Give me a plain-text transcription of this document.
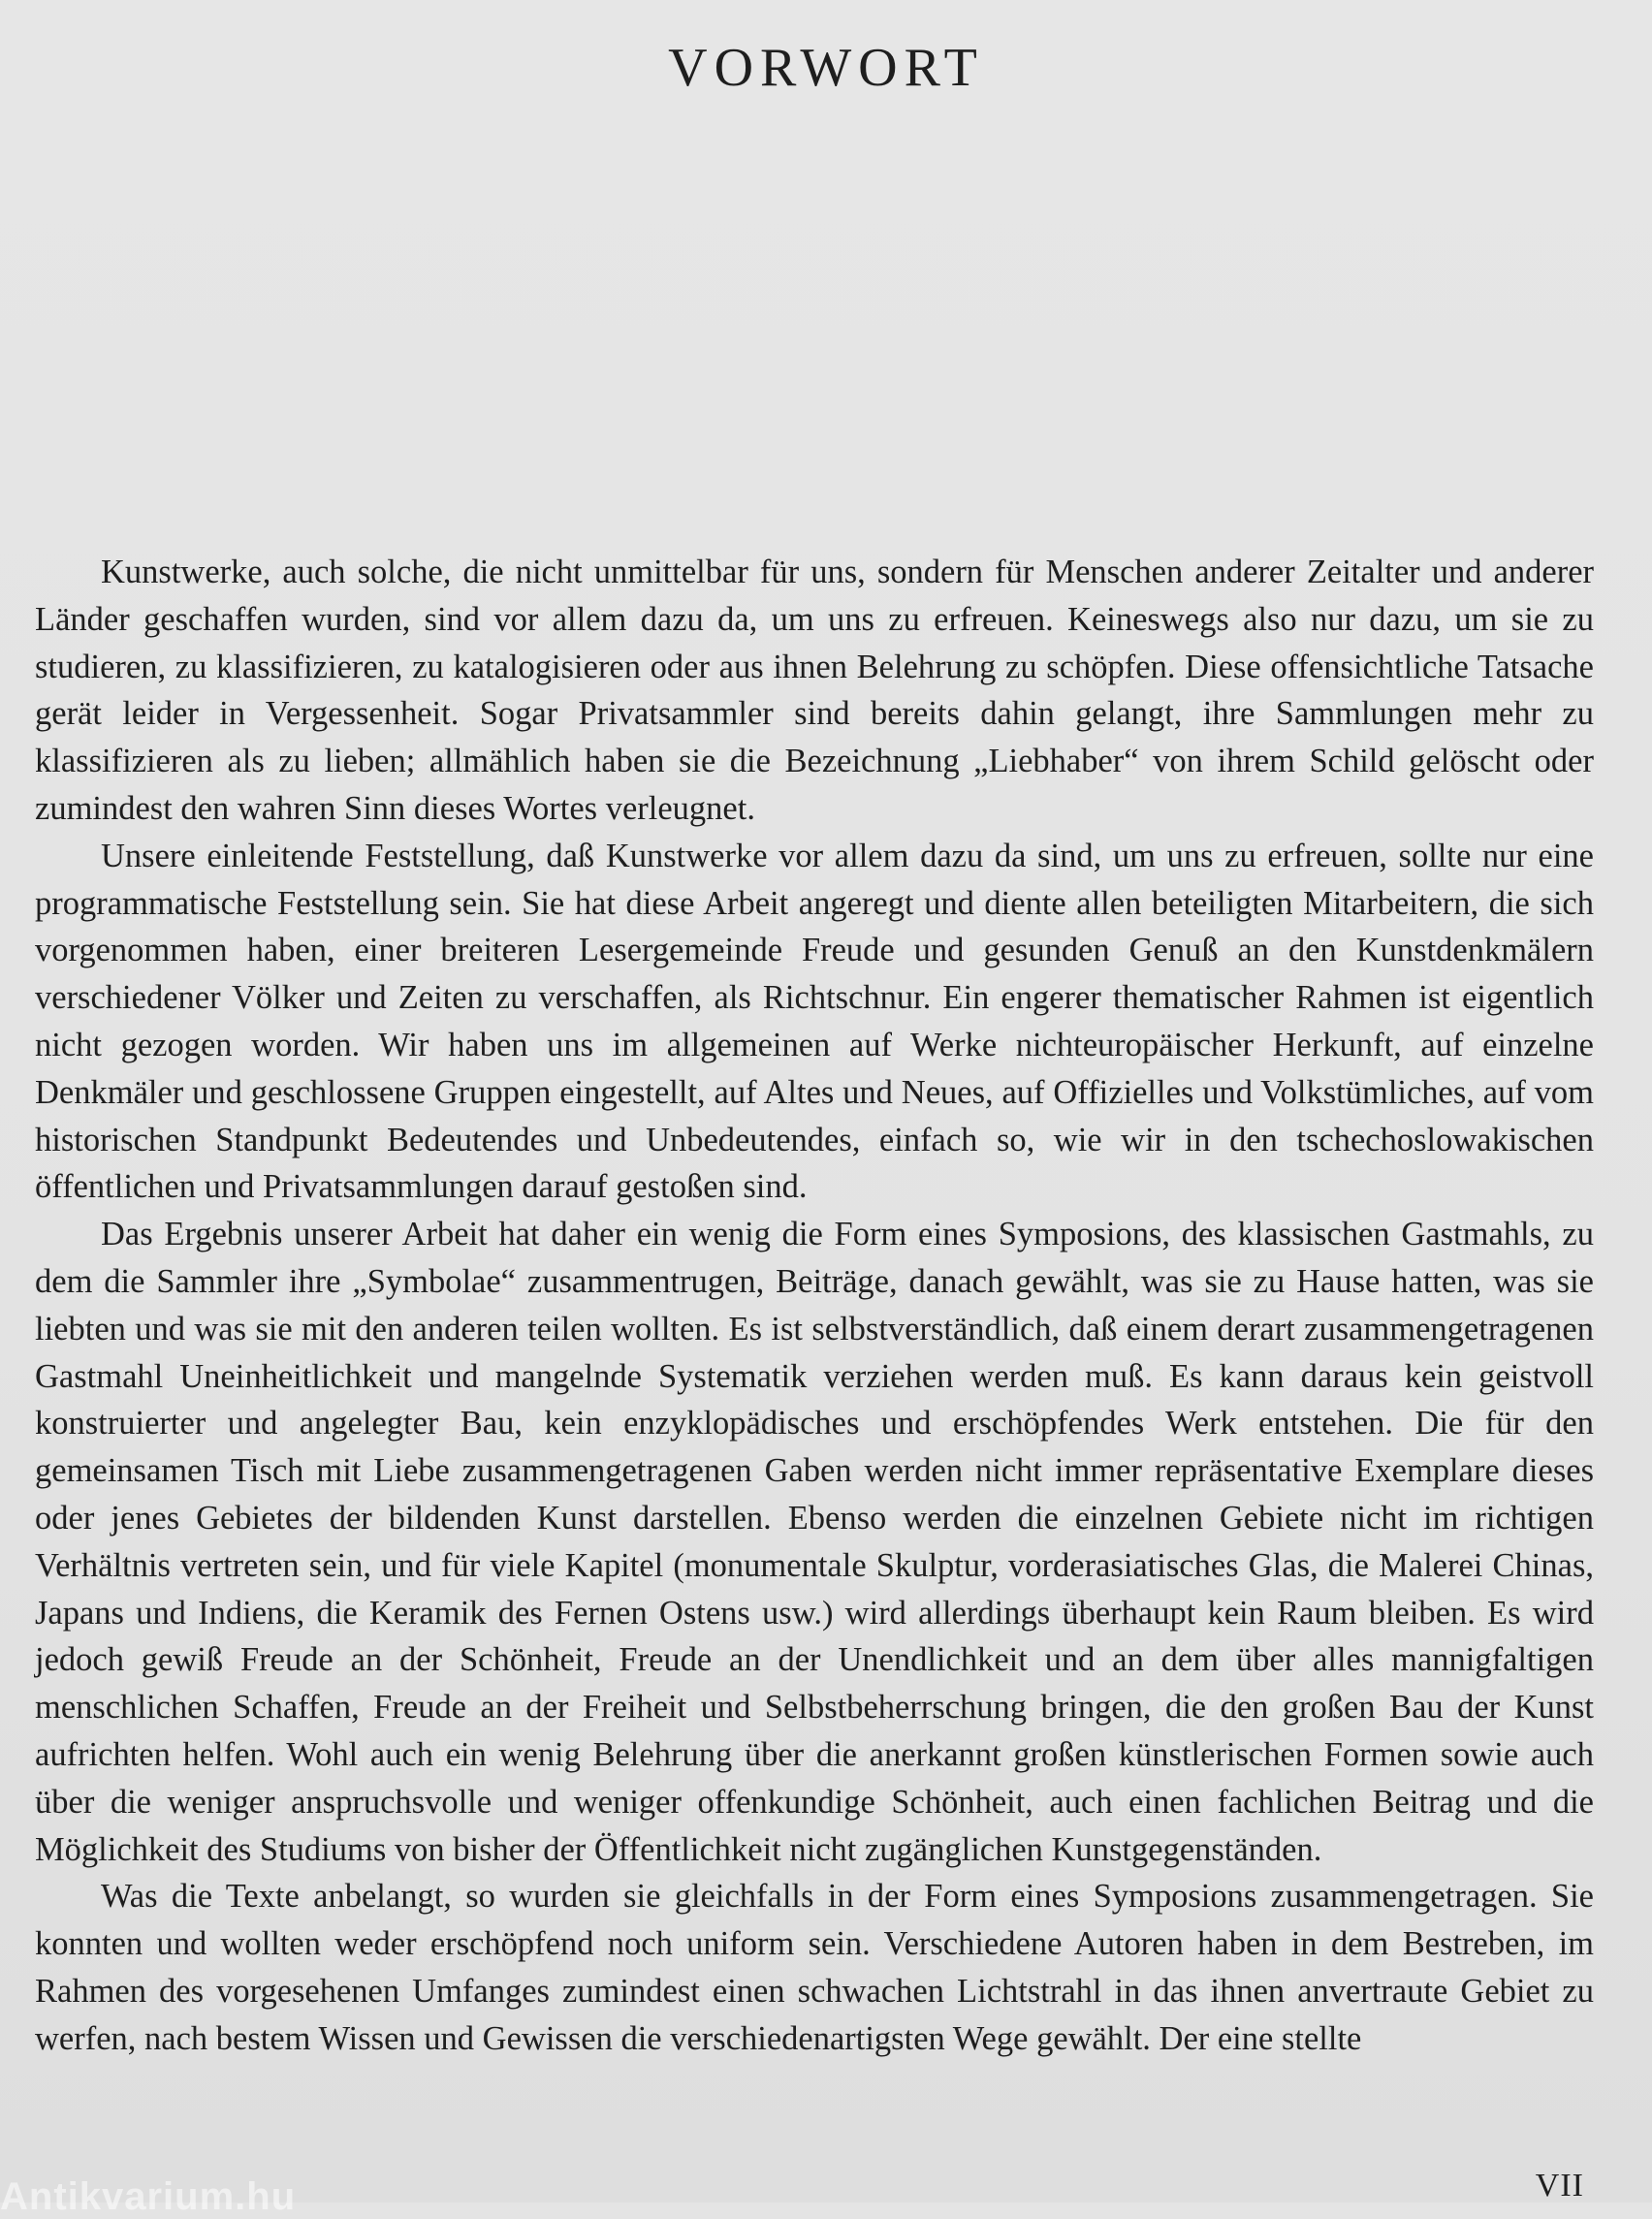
VORWORT

Kunstwerke, auch solche, die nicht unmittelbar für uns, sondern für Menschen anderer Zeitalter und anderer Länder geschaffen wurden, sind vor allem dazu da, um uns zu erfreuen. Keineswegs also nur dazu, um sie zu studieren, zu klassifizieren, zu katalogisieren oder aus ihnen Belehrung zu schöpfen. Diese offensichtliche Tatsache gerät leider in Vergessenheit. Sogar Privatsammler sind bereits dahin gelangt, ihre Sammlungen mehr zu klassifizieren als zu lieben; allmählich haben sie die Bezeichnung „Liebhaber“ von ihrem Schild gelöscht oder zumindest den wahren Sinn dieses Wortes verleugnet.

Unsere einleitende Feststellung, daß Kunstwerke vor allem dazu da sind, um uns zu erfreuen, sollte nur eine programmatische Feststellung sein. Sie hat diese Arbeit angeregt und diente allen beteiligten Mitarbeitern, die sich vorgenommen haben, einer breiteren Lesergemeinde Freude und gesunden Genuß an den Kunstdenkmälern verschiedener Völker und Zeiten zu verschaffen, als Richtschnur. Ein engerer thematischer Rahmen ist eigentlich nicht gezogen worden. Wir haben uns im allgemeinen auf Werke nichteuropäischer Herkunft, auf einzelne Denkmäler und geschlossene Gruppen eingestellt, auf Altes und Neues, auf Offizielles und Volkstümliches, auf vom historischen Standpunkt Bedeutendes und Unbedeutendes, einfach so, wie wir in den tschechoslowakischen öffentlichen und Privatsammlungen darauf gestoßen sind.

Das Ergebnis unserer Arbeit hat daher ein wenig die Form eines Symposions, des klassischen Gastmahls, zu dem die Sammler ihre „Symbolae“ zusammentrugen, Beiträge, danach gewählt, was sie zu Hause hatten, was sie liebten und was sie mit den anderen teilen wollten. Es ist selbstverständlich, daß einem derart zusammengetragenen Gastmahl Uneinheitlichkeit und mangelnde Systematik verziehen werden muß. Es kann daraus kein geistvoll konstruierter und angelegter Bau, kein enzyklopädisches und erschöpfendes Werk entstehen. Die für den gemeinsamen Tisch mit Liebe zusammengetragenen Gaben werden nicht immer repräsentative Exemplare dieses oder jenes Gebietes der bildenden Kunst darstellen. Ebenso werden die einzelnen Gebiete nicht im richtigen Verhältnis vertreten sein, und für viele Kapitel (monumentale Skulptur, vorderasiatisches Glas, die Malerei Chinas, Japans und Indiens, die Keramik des Fernen Ostens usw.) wird allerdings überhaupt kein Raum bleiben. Es wird jedoch gewiß Freude an der Schönheit, Freude an der Unendlichkeit und an dem über alles mannigfaltigen menschlichen Schaffen, Freude an der Freiheit und Selbstbeherrschung bringen, die den großen Bau der Kunst aufrichten helfen. Wohl auch ein wenig Belehrung über die anerkannt großen künstlerischen Formen sowie auch über die weniger anspruchsvolle und weniger offenkundige Schönheit, auch einen fachlichen Beitrag und die Möglichkeit des Studiums von bisher der Öffentlichkeit nicht zugänglichen Kunstgegenständen.

Was die Texte anbelangt, so wurden sie gleichfalls in der Form eines Symposions zusammengetragen. Sie konnten und wollten weder erschöpfend noch uniform sein. Verschiedene Autoren haben in dem Bestreben, im Rahmen des vorgesehenen Umfanges zumindest einen schwachen Lichtstrahl in das ihnen anvertraute Gebiet zu werfen, nach bestem Wissen und Gewissen die verschiedenartigsten Wege gewählt. Der eine stellte

VII
Antikvarium.hu
